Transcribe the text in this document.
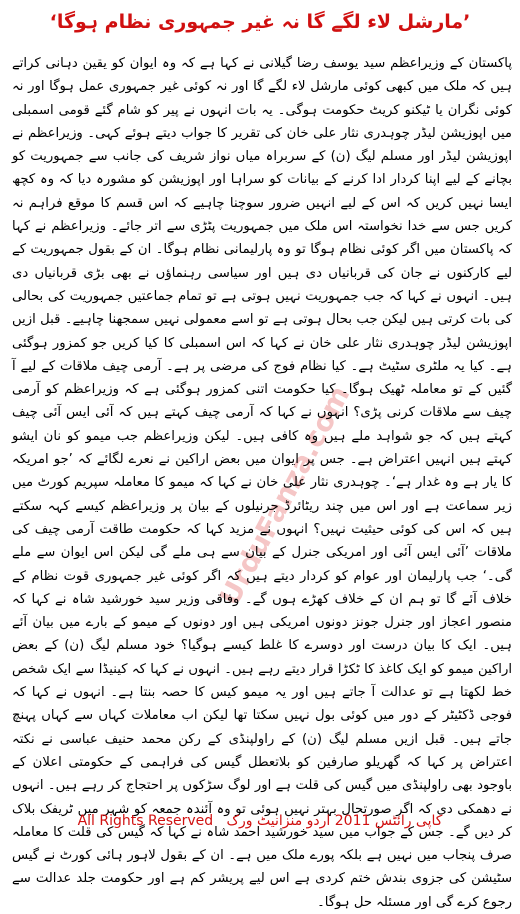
’مارشل لاء لگے گا نہ غیر جمہوری نظام ہوگا‘
UrduFanza.com
پاکستان کے وزیراعظم سید یوسف رضا گیلانی نے کہا ہے کہ وہ ایوان کو یقین دہانی کراتے ہیں کہ ملک میں کبھی کوئی مارشل لاء لگے گا اور نہ کوئی غیر جمہوری عمل ہوگا اور نہ کوئی نگران یا ٹیکنو کریٹ حکومت ہوگی۔ یہ بات انہوں نے پیر کو شام گئے قومی اسمبلی میں اپوزیشن لیڈر چوہدری نثار علی خان کی تقریر کا جواب دیتے ہوئے کہی۔ وزیراعظم نے اپوزیشن لیڈر اور مسلم لیگ (ن) کے سربراہ میاں نواز شریف کی جانب سے جمہوریت کو بچانے کے لیے اپنا کردار ادا کرنے کے بیانات کو سراہا اور اپوزیشن کو مشورہ دیا کہ وہ کچھ ایسا نہیں کریں کہ اس کے لیے انہیں ضرور سوچنا چاہیے کہ اس قسم کا موقع فراہم نہ کریں جس سے خدا نخواستہ اس ملک میں جمہوریت پٹڑی سے اتر جائے۔ وزیراعظم نے کہا کہ پاکستان میں اگر کوئی نظام ہوگا تو وہ پارلیمانی نظام ہوگا۔ ان کے بقول جمہوریت کے لیے کارکنوں نے جان کی قربانیاں دی ہیں اور سیاسی رہنماؤں نے بھی بڑی قربانیاں دی ہیں۔ انہوں نے کہا کہ جب جمہوریت نہیں ہوتی ہے تو تمام جماعتیں جمہوریت کی بحالی کی بات کرتی ہیں لیکن جب بحال ہوتی ہے تو اسے معمولی نہیں سمجھنا چاہیے۔ قبل ازیں اپوزیشن لیڈر چوہدری نثار علی خان نے کہا کہ اس اسمبلی کا کیا کریں جو کمزور ہوگئی ہے۔ کیا یہ ملٹری سٹیٹ ہے۔ کیا نظام فوج کی مرضی پر ہے۔ آرمی چیف ملاقات کے لیے آ گئیں کے تو معاملہ ٹھیک ہوگا۔ کیا حکومت اتنی کمزور ہوگئی ہے کہ وزیراعظم کو آرمی چیف سے ملاقات کرنی پڑی؟ انہوں نے کہا کہ آرمی چیف کہتے ہیں کہ آئی ایس آئی چیف کہتے ہیں کہ جو شواہد ملے ہیں وہ کافی ہیں۔ لیکن وزیراعظم جب میمو کو نان ایشو کہتے ہیں انہیں اعتراض ہے۔ جس پر ایوان میں بعض اراکین نے نعرے لگائے کہ ’جو امریکہ کا یار ہے وہ غدار ہے‘۔ چوہدری نثار علی خان نے کہا کہ میمو کا معاملہ سپریم کورٹ میں زیر سماعت ہے اور اس میں چند ریٹائرڈ جرنیلوں کے بیان پر وزیراعظم کیسے کہہ سکتے ہیں کہ اس کی کوئی حیثیت نہیں؟ انہوں نے مزید کہا کہ حکومت طاقت آرمی چیف کی ملاقات ’آئی ایس آئی اور امریکی جنرل کے بیان سے ہی ملے گی لیکن اس ایوان سے ملے گی۔‘ جب پارلیمان اور عوام کو کردار دیتے ہیں کہ اگر کوئی غیر جمہوری قوت نظام کے خلاف آئے گا تو ہم ان کے خلاف کھڑے ہوں گے۔ وفاقی وزیر سید خورشید شاہ نے کہا کہ منصور اعجاز اور جنرل جونز دونوں امریکی ہیں اور دونوں کے میمو کے بارے میں بیان آئے ہیں۔ ایک کا بیان درست اور دوسرے کا غلط کیسے ہوگیا؟ خود مسلم لیگ (ن) کے بعض اراکین میمو کو ایک کاغذ کا ٹکڑا قرار دیتے رہے ہیں۔ انہوں نے کہا کہ کینیڈا سے ایک شخص خط لکھتا ہے تو عدالت آ جاتے ہیں اور یہ میمو کیس کا حصہ بنتا ہے۔ انہوں نے کہا کہ فوجی ڈکٹیٹر کے دور میں کوئی بول نہیں سکتا تھا لیکن اب معاملات کہاں سے کہاں پہنچ جاتے ہیں۔ قبل ازیں مسلم لیگ (ن) کے راولپنڈی کے رکن محمد حنیف عباسی نے نکتہ اعتراض پر کہا کہ گھریلو صارفین کو بلاتعطل گیس کی فراہمی کے حکومتی اعلان کے باوجود بھی راولپنڈی میں گیس کی قلت ہے اور لوگ سڑکوں پر احتجاج کر رہے ہیں۔ انہوں نے دھمکی دی کہ اگر صورتحال بہتر نہیں ہوئی تو وہ آئندہ جمعہ کو شہر میں ٹریفک بلاک کر دیں گے۔ جس کے جواب میں سید خورشید احمد شاہ نے کہا کہ گیس کی قلت کا معاملہ صرف پنجاب میں نہیں ہے بلکہ پورے ملک میں ہے۔ ان کے بقول لاہور ہائی کورٹ نے گیس سٹیشن کی جزوی بندش ختم کردی ہے اس لیے پریشر کم ہے اور حکومت جلد عدالت سے رجوع کرے گی اور مسئلہ حل ہوگا۔
All Rights Reserved کاپی رائٹس 2011 اردو منزانیٹ ورک
